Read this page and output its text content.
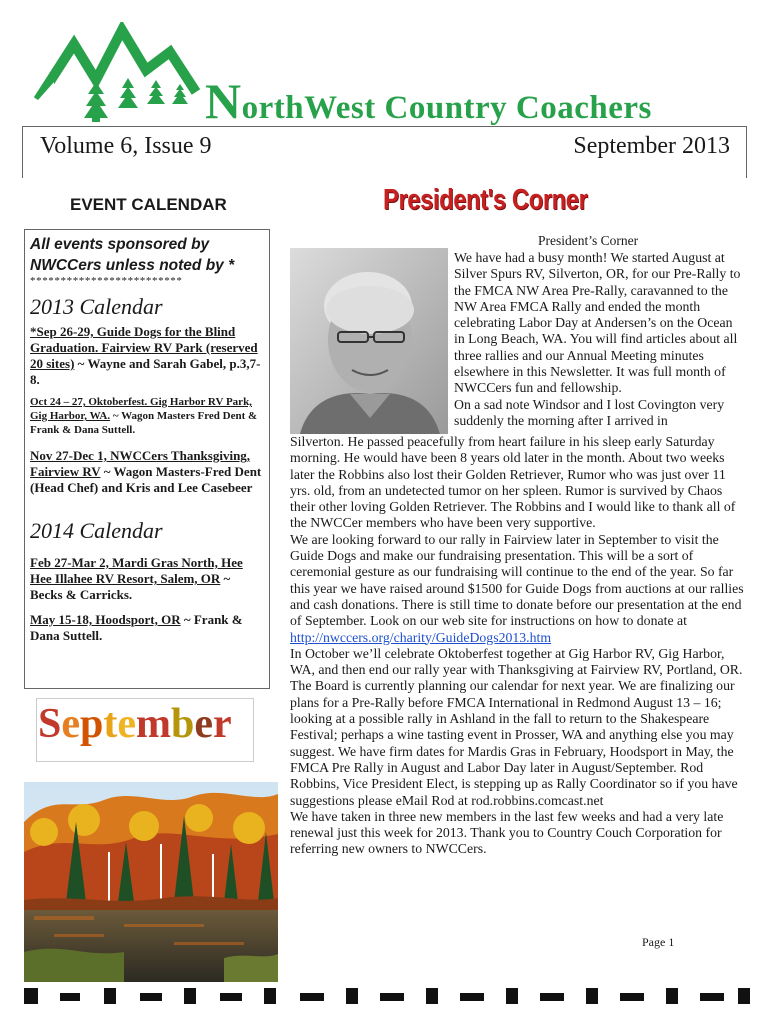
NorthWest Country Coachers
Volume 6, Issue 9	September 2013
EVENT CALENDAR	President's Corner
All events sponsored by NWCCers unless noted by *
*************************
2013 Calendar
*Sep 26-29, Guide Dogs for the Blind Graduation. Fairview RV Park (reserved 20 sites) ~ Wayne and Sarah Gabel, p.3,7-8.
Oct 24 – 27, Oktoberfest. Gig Harbor RV Park, Gig Harbor, WA. ~ Wagon Masters Fred Dent & Frank & Dana Suttell.
Nov 27-Dec 1, NWCCers Thanksgiving, Fairview RV ~ Wagon Masters-Fred Dent (Head Chef) and Kris and Lee Casebeer
2014 Calendar
Feb 27-Mar 2, Mardi Gras North, Hee Hee Illahee RV Resort, Salem, OR ~ Becks & Carricks.
May 15-18, Hoodsport, OR ~ Frank & Dana Suttell.
September
President’s Corner
We have had a busy month! We started August at Silver Spurs RV, Silverton, OR, for our Pre-Rally to the FMCA NW Area Pre-Rally, caravanned to the NW Area FMCA Rally and ended the month celebrating Labor Day at Andersen’s on the Ocean in Long Beach, WA. You will find articles about all three rallies and our Annual Meeting minutes elsewhere in this Newsletter. It was full month of NWCCers fun and fellowship.
On a sad note Windsor and I lost Covington very suddenly the morning after I arrived in
Silverton. He passed peacefully from heart failure in his sleep early Saturday morning. He would have been 8 years old later in the month. About two weeks later the Robbins also lost their Golden Retriever, Rumor who was just over 11 yrs. old, from an undetected tumor on her spleen. Rumor is survived by Chaos their other loving Golden Retriever. The Robbins and I would like to thank all of the NWCCer members who have been very supportive.
We are looking forward to our rally in Fairview later in September to visit the Guide Dogs and make our fundraising presentation. This will be a sort of ceremonial gesture as our fundraising will continue to the end of the year. So far this year we have raised around $1500 for Guide Dogs from auctions at our rallies and cash donations. There is still time to donate before our presentation at the end of September. Look on our web site for instructions on how to donate at http://nwccers.org/charity/GuideDogs2013.htm
In October we’ll celebrate Oktoberfest together at Gig Harbor RV, Gig Harbor, WA, and then end our rally year with Thanksgiving at Fairview RV, Portland, OR.
The Board is currently planning our calendar for next year. We are finalizing our plans for a Pre-Rally before FMCA International in Redmond August 13 – 16; looking at a possible rally in Ashland in the fall to return to the Shakespeare Festival; perhaps a wine tasting event in Prosser, WA and anything else you may suggest. We have firm dates for Mardis Gras in February, Hoodsport in May, the FMCA Pre Rally in August and Labor Day later in August/September. Rod Robbins, Vice President Elect, is stepping up as Rally Coordinator so if you have suggestions please eMail Rod at rod.robbins.comcast.net
We have taken in three new members in the last few weeks and had a very late renewal just this week for 2013. Thank you to Country Couch Corporation for referring new owners to NWCCers.
Page 1
